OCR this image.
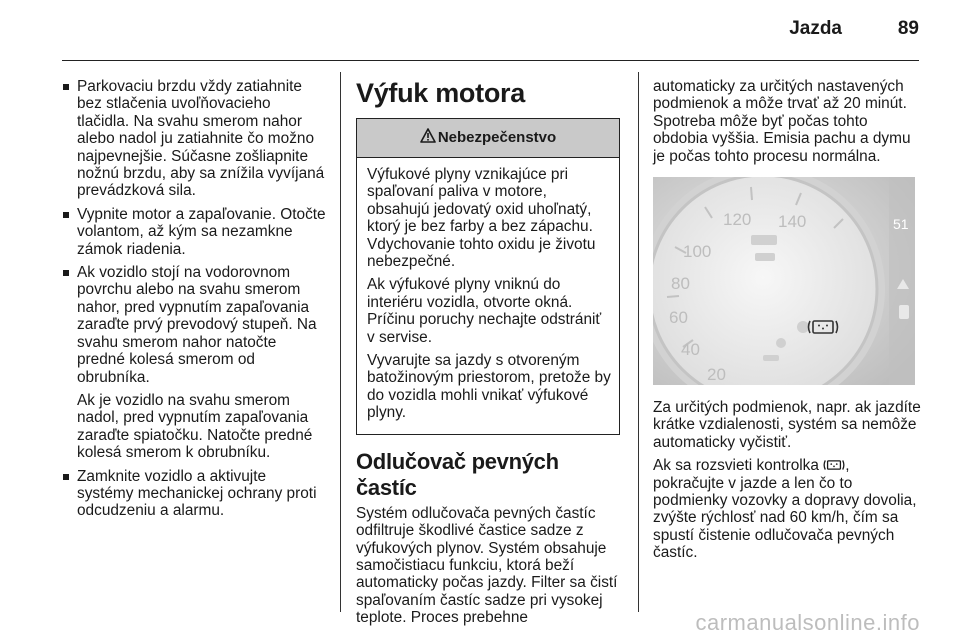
Jazda	89
Parkovaciu brzdu vždy zatiahnite bez stlačenia uvoľňovacieho tlačidla. Na svahu smerom nahor alebo nadol ju zatiahnite čo možno najpevnejšie. Súčasne zošliapnite nožnú brzdu, aby sa znížila vyvíjaná prevádzková sila.
Vypnite motor a zapaľovanie. Otočte volantom, až kým sa nezamkne zámok riadenia.
Ak vozidlo stojí na vodorovnom povrchu alebo na svahu smerom nahor, pred vypnutím zapaľovania zaraďte prvý prevodový stupeň. Na svahu smerom nahor natočte predné kolesá smerom od obrubníka.
Ak je vozidlo na svahu smerom nadol, pred vypnutím zapaľovania zaraďte spiatočku. Natočte predné kolesá smerom k obrubníku.
Zamknite vozidlo a aktivujte systémy mechanickej ochrany proti odcudzeniu a alarmu.
Výfuk motora
Nebezpečenstvo

Výfukové plyny vznikajúce pri spaľovaní paliva v motore, obsahujú jedovatý oxid uhoľnatý, ktorý je bez farby a bez zápachu. Vdychovanie tohto oxidu je životu nebezpečné.

Ak výfukové plyny vniknú do interiéru vozidla, otvorte okná. Príčinu poruchy nechajte odstrániť v servise.

Vyvarujte sa jazdy s otvoreným batožinovým priestorom, pretože by do vozidla mohli vnikať výfukové plyny.

Odlučovač pevných častíc

Systém odlučovača pevných častíc odfiltruje škodlivé častice sadze z výfukových plynov. Systém obsahuje samočistiacu funkciu, ktorá beží automaticky počas jazdy. Filter sa čistí spaľovaním častíc sadze pri vysokej teplote. Proces prebehne

automaticky za určitých nastavených podmienok a môže trvať až 20 minút. Spotreba môže byť počas tohto obdobia vyššia. Emisia pachu a dymu je počas tohto procesu normálna.

120 140
100
80
60
40
20
51

Za určitých podmienok, napr. ak jazdíte krátke vzdialenosti, systém sa nemôže automaticky vyčistiť.

Ak sa rozsvieti kontrolka , pokračujte v jazde a len čo to podmienky vozovky a dopravy dovolia, zvýšte rýchlosť nad 60 km/h, čím sa spustí čistenie odlučovača pevných častíc.

carmanualsonline.info
